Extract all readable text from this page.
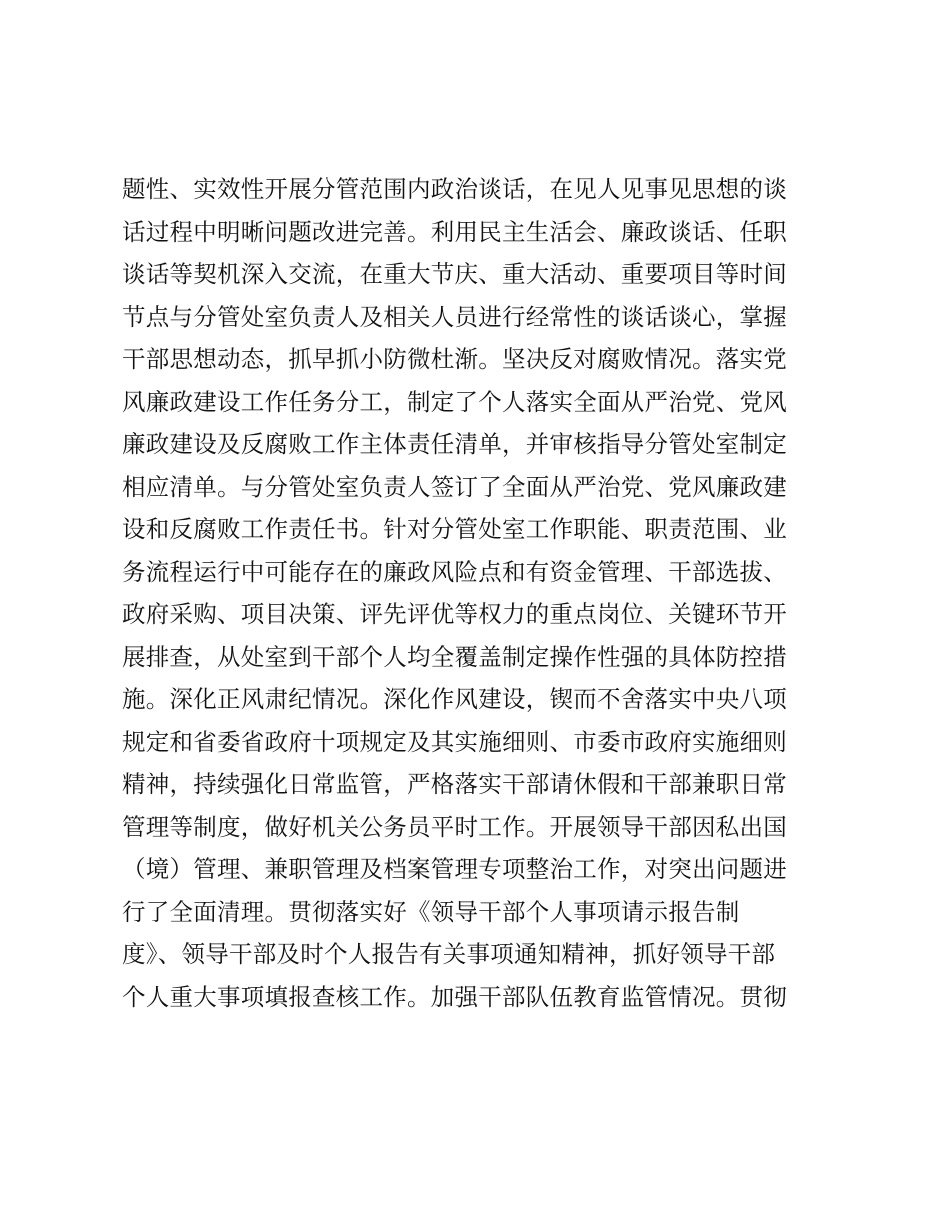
题性、实效性开展分管范围内政治谈话，在见人见事见思想的谈
话过程中明晰问题改进完善。利用民主生活会、廉政谈话、任职
谈话等契机深入交流，在重大节庆、重大活动、重要项目等时间
节点与分管处室负责人及相关人员进行经常性的谈话谈心，掌握
干部思想动态，抓早抓小防微杜渐。坚决反对腐败情况。落实党
风廉政建设工作任务分工，制定了个人落实全面从严治党、党风
廉政建设及反腐败工作主体责任清单，并审核指导分管处室制定
相应清单。与分管处室负责人签订了全面从严治党、党风廉政建
设和反腐败工作责任书。针对分管处室工作职能、职责范围、业
务流程运行中可能存在的廉政风险点和有资金管理、干部选拔、
政府采购、项目决策、评先评优等权力的重点岗位、关键环节开
展排查，从处室到干部个人均全覆盖制定操作性强的具体防控措
施。深化正风肃纪情况。深化作风建设，锲而不舍落实中央八项
规定和省委省政府十项规定及其实施细则、市委市政府实施细则
精神，持续强化日常监管，严格落实干部请休假和干部兼职日常
管理等制度，做好机关公务员平时工作。开展领导干部因私出国
（境）管理、兼职管理及档案管理专项整治工作，对突出问题进
行了全面清理。贯彻落实好《领导干部个人事项请示报告制
度》、领导干部及时个人报告有关事项通知精神，抓好领导干部
个人重大事项填报查核工作。加强干部队伍教育监管情况。贯彻
